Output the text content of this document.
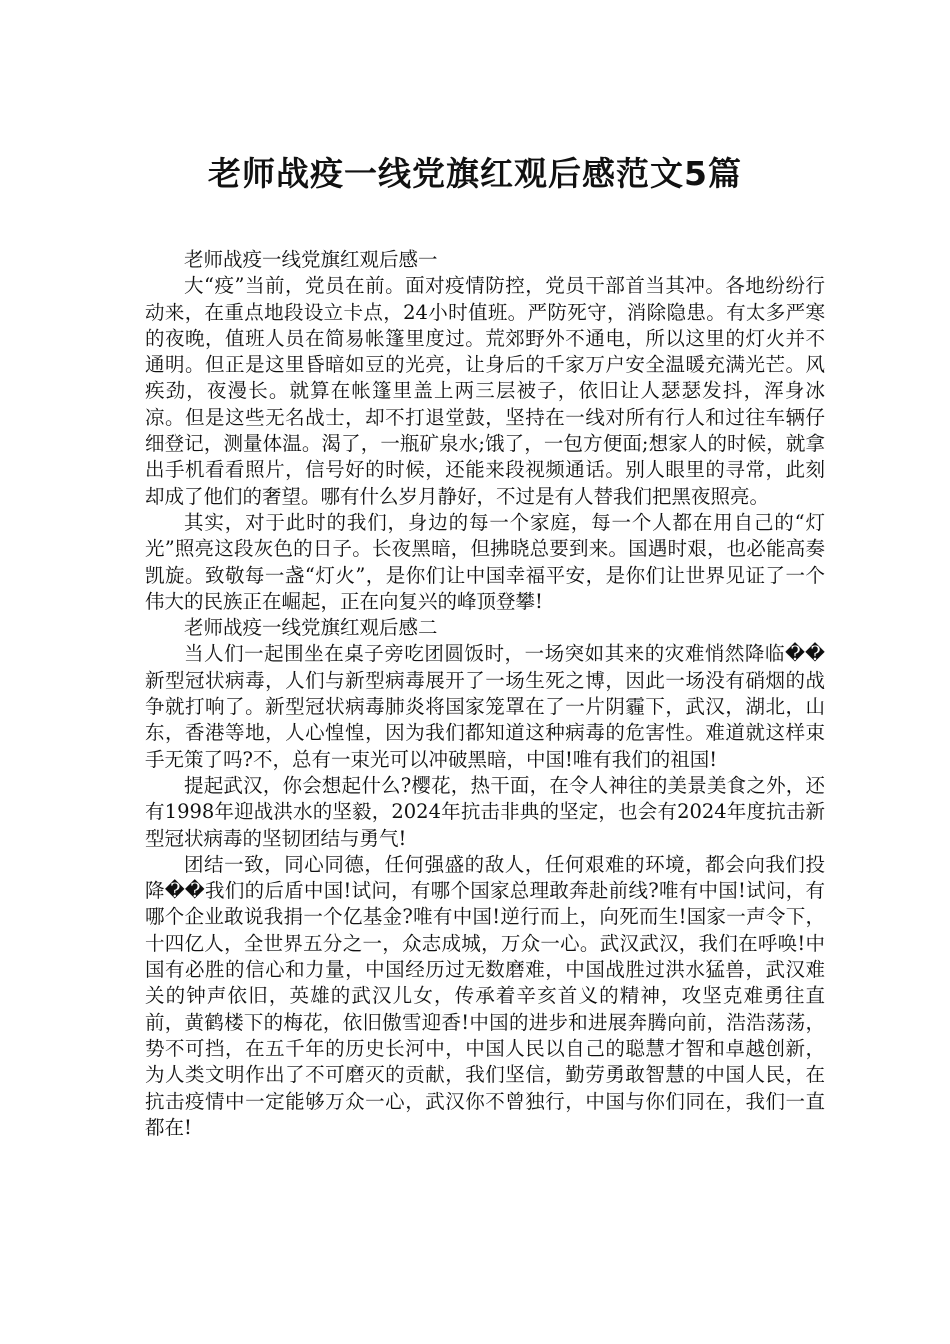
老师战疫一线党旗红观后感范文5篇

老师战疫一线党旗红观后感一

大“疫”当前，党员在前。面对疫情防控，党员干部首当其冲。各地纷纷行动来，在重点地段设立卡点，24小时值班。严防死守，消除隐患。有太多严寒的夜晚，值班人员在简易帐篷里度过。荒郊野外不通电，所以这里的灯火并不通明。但正是这里昏暗如豆的光亮，让身后的千家万户安全温暖充满光芒。风疾劲，夜漫长。就算在帐篷里盖上两三层被子，依旧让人瑟瑟发抖，浑身冰凉。但是这些无名战士，却不打退堂鼓，坚持在一线对所有行人和过往车辆仔细登记，测量体温。渴了，一瓶矿泉水;饿了，一包方便面;想家人的时候，就拿出手机看看照片，信号好的时候，还能来段视频通话。别人眼里的寻常，此刻却成了他们的奢望。哪有什么岁月静好，不过是有人替我们把黑夜照亮。

其实，对于此时的我们，身边的每一个家庭，每一个人都在用自己的“灯光”照亮这段灰色的日子。长夜黑暗，但拂晓总要到来。国遇时艰，也必能高奏凯旋。致敬每一盏“灯火”，是你们让中国幸福平安，是你们让世界见证了一个伟大的民族正在崛起，正在向复兴的峰顶登攀!

老师战疫一线党旗红观后感二

当人们一起围坐在桌子旁吃团圆饭时，一场突如其来的灾难悄然降临��新型冠状病毒，人们与新型病毒展开了一场生死之博，因此一场没有硝烟的战争就打响了。新型冠状病毒肺炎将国家笼罩在了一片阴霾下，武汉，湖北，山东，香港等地，人心惶惶，因为我们都知道这种病毒的危害性。难道就这样束手无策了吗?不，总有一束光可以冲破黑暗，中国!唯有我们的祖国!

提起武汉，你会想起什么?樱花，热干面，在令人神往的美景美食之外，还有1998年迎战洪水的坚毅，2024年抗击非典的坚定，也会有2024年度抗击新型冠状病毒的坚韧团结与勇气!

团结一致，同心同德，任何强盛的敌人，任何艰难的环境，都会向我们投降��我们的后盾中国!试问，有哪个国家总理敢奔赴前线?唯有中国!试问，有哪个企业敢说我捐一个亿基金?唯有中国!逆行而上，向死而生!国家一声令下，十四亿人，全世界五分之一，众志成城，万众一心。武汉武汉，我们在呼唤!中国有必胜的信心和力量，中国经历过无数磨难，中国战胜过洪水猛兽，武汉难关的钟声依旧，英雄的武汉儿女，传承着辛亥首义的精神，攻坚克难勇往直前，黄鹤楼下的梅花，依旧傲雪迎香!中国的进步和进展奔腾向前，浩浩荡荡，势不可挡，在五千年的历史长河中，中国人民以自己的聪慧才智和卓越创新，为人类文明作出了不可磨灭的贡献，我们坚信，勤劳勇敢智慧的中国人民，在抗击疫情中一定能够万众一心，武汉你不曾独行，中国与你们同在，我们一直都在!
